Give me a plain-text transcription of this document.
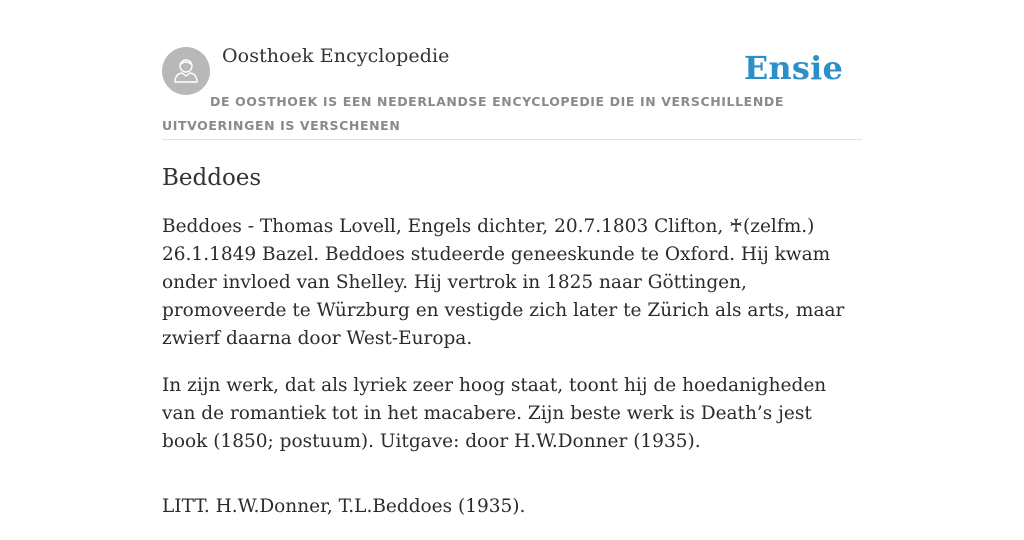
Oosthoek Encyclopedie	Ensie
DE OOSTHOEK IS EEN NEDERLANDSE ENCYCLOPEDIE DIE IN VERSCHILLENDE UITVOERINGEN IS VERSCHENEN
Beddoes

Beddoes - Thomas Lovell, Engels dichter, 20.7.1803 Clifton, ♰(zelfm.) 26.1.1849 Bazel. Beddoes studeerde geneeskunde te Oxford. Hij kwam onder invloed van Shelley. Hij vertrok in 1825 naar Göttingen, promoveerde te Würzburg en vestigde zich later te Zürich als arts, maar zwierf daarna door West-Europa.

In zijn werk, dat als lyriek zeer hoog staat, toont hij de hoedanigheden van de romantiek tot in het macabere. Zijn beste werk is Death’s jest book (1850; postuum). Uitgave: door H.W.Donner (1935).

LITT. H.W.Donner, T.L.Beddoes (1935).
